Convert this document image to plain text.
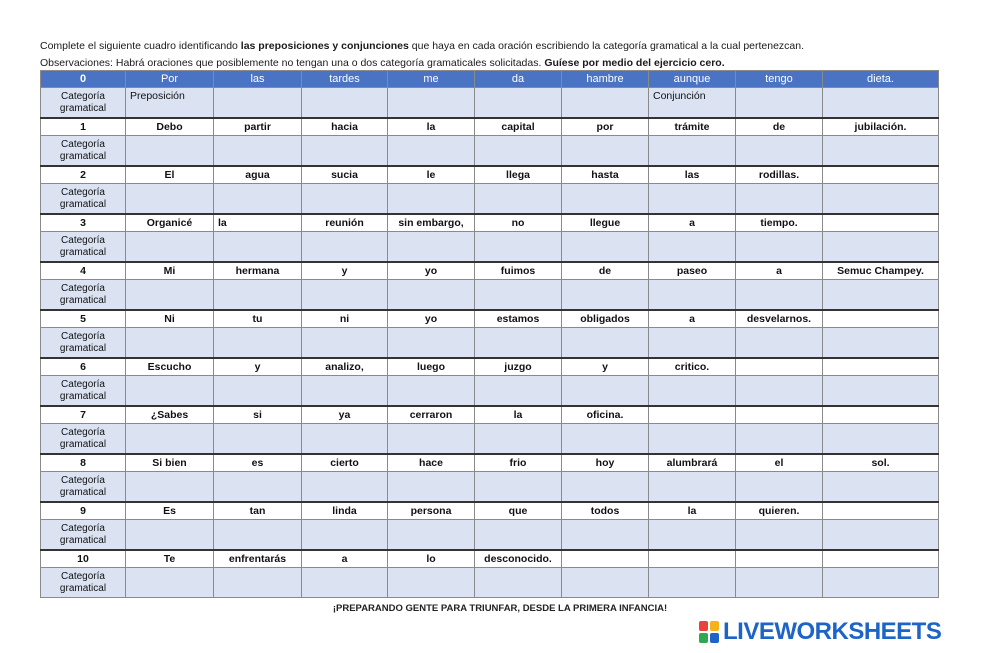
Complete el siguiente cuadro identificando las preposiciones y conjunciones que haya en cada oración escribiendo la categoría gramatical a la cual pertenezcan.
Observaciones: Habrá oraciones que posiblemente no tengan una o dos categoría gramaticales solicitadas. Guíese por medio del ejercicio cero.
0	Por	las	tardes	me	da	hambre	aunque	tengo	dieta.
Categoría gramatical	Preposición						Conjunción		
1	Debo	partir	hacia	la	capital	por	trámite	de	jubilación.
Categoría gramatical									
2	El	agua	sucia	le	llega	hasta	las	rodillas.	
Categoría gramatical									
3	Organicé	la	reunión	sin embargo,	no	llegue	a	tiempo.	
Categoría gramatical									
4	Mi	hermana	y	yo	fuimos	de	paseo	a	Semuc Champey.
Categoría gramatical									
5	Ni	tu	ni	yo	estamos	obligados	a	desvelarnos.	
Categoría gramatical									
6	Escucho	y	analizo,	luego	juzgo	y	critico.		
Categoría gramatical									
7	¿Sabes	si	ya	cerraron	la	oficina.			
Categoría gramatical									
8	Si bien	es	cierto	hace	frio	hoy	alumbrará	el	sol.
Categoría gramatical									
9	Es	tan	linda	persona	que	todos	la	quieren.	
Categoría gramatical									
10	Te	enfrentarás	a	lo	desconocido.				
Categoría gramatical									
¡PREPARANDO GENTE PARA TRIUNFAR, DESDE LA PRIMERA INFANCIA!
LIVEWORKSHEETS
